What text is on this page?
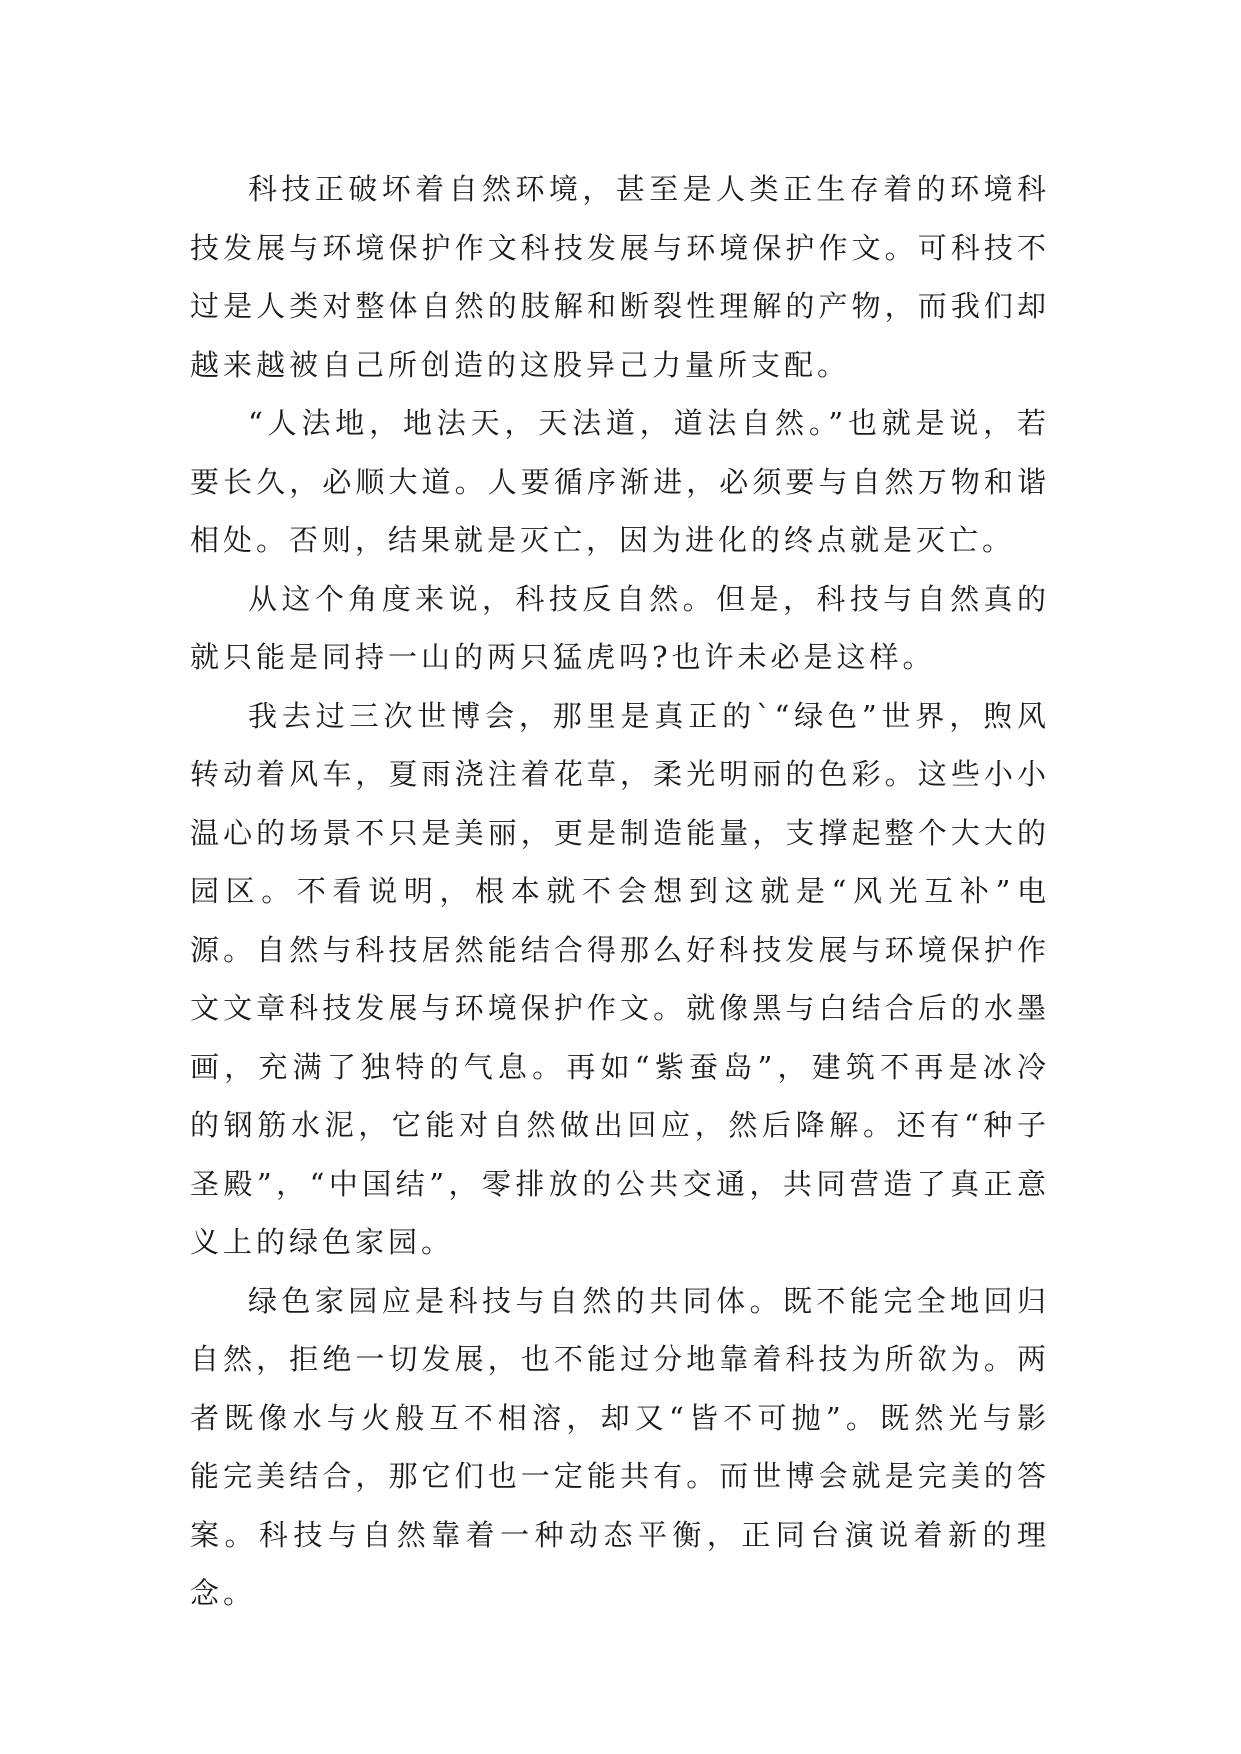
科技正破坏着自然环境，甚至是人类正生存着的环境科技发展与环境保护作文科技发展与环境保护作文。可科技不过是人类对整体自然的肢解和断裂性理解的产物，而我们却越来越被自己所创造的这股异己力量所支配。

“人法地，地法天，天法道，道法自然。”也就是说，若要长久，必顺大道。人要循序渐进，必须要与自然万物和谐相处。否则，结果就是灭亡，因为进化的终点就是灭亡。

从这个角度来说，科技反自然。但是，科技与自然真的就只能是同持一山的两只猛虎吗?也许未必是这样。

我去过三次世博会，那里是真正的`“绿色”世界，煦风转动着风车，夏雨浇注着花草，柔光明丽的色彩。这些小小温心的场景不只是美丽，更是制造能量，支撑起整个大大的园区。不看说明，根本就不会想到这就是“风光互补”电源。自然与科技居然能结合得那么好科技发展与环境保护作文文章科技发展与环境保护作文。就像黑与白结合后的水墨画，充满了独特的气息。再如“紫蚕岛”，建筑不再是冰冷的钢筋水泥，它能对自然做出回应，然后降解。还有“种子圣殿”，“中国结”，零排放的公共交通，共同营造了真正意义上的绿色家园。

绿色家园应是科技与自然的共同体。既不能完全地回归自然，拒绝一切发展，也不能过分地靠着科技为所欲为。两者既像水与火般互不相溶，却又“皆不可抛”。既然光与影能完美结合，那它们也一定能共有。而世博会就是完美的答案。科技与自然靠着一种动态平衡，正同台演说着新的理念。
